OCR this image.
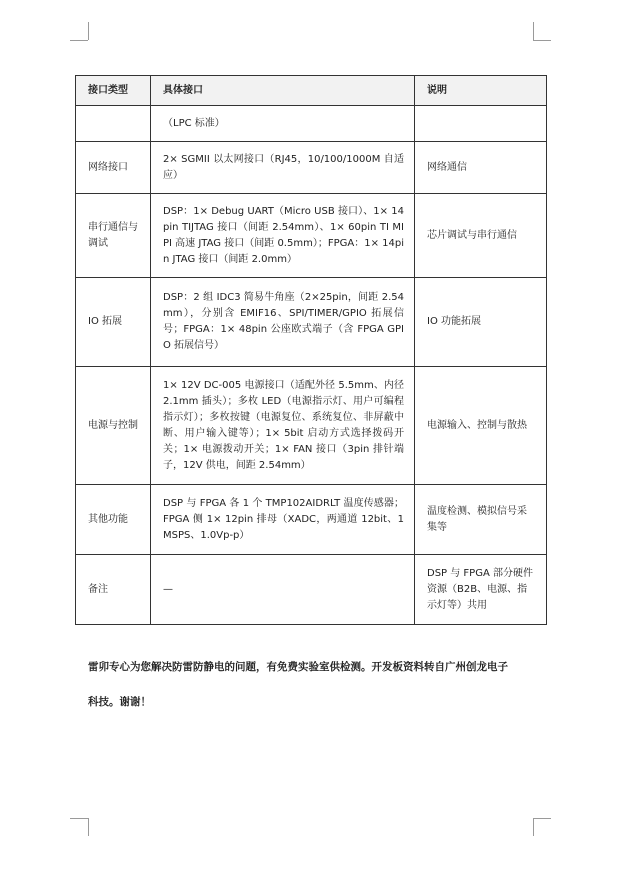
接口类型	具体接口	说明
	（LPC 标准）	
网络接口	2× SGMII 以太网接口（RJ45，10/100/1000M 自适应）	网络通信
串行通信与调试	DSP：1× Debug UART（Micro USB 接口）、1× 14pin TIJTAG 接口（间距 2.54mm）、1× 60pin TI MIPI 高速 JTAG 接口（间距 0.5mm）；FPGA：1× 14pin JTAG 接口（间距 2.0mm）	芯片调试与串行通信
IO 拓展	DSP：2 组 IDC3 简易牛角座（2×25pin，间距 2.54mm），分别含 EMIF16、SPI/TIMER/GPIO 拓展信号；FPGA：1× 48pin 公座欧式端子（含 FPGA GPIO 拓展信号）	IO 功能拓展
电源与控制	1× 12V DC-005 电源接口（适配外径 5.5mm、内径 2.1mm 插头）；多枚 LED（电源指示灯、用户可编程指示灯）；多枚按键（电源复位、系统复位、非屏蔽中断、用户输入键等）；1× 5bit 启动方式选择拨码开关；1× 电源拨动开关；1× FAN 接口（3pin 排针端子，12V 供电，间距 2.54mm）	电源输入、控制与散热
其他功能	DSP 与 FPGA 各 1 个 TMP102AIDRLT 温度传感器；FPGA 侧 1× 12pin 排母（XADC，两通道 12bit、1MSPS、1.0Vp-p）	温度检测、模拟信号采集等
备注	—	DSP 与 FPGA 部分硬件资源（B2B、电源、指示灯等）共用
雷卯专心为您解决防雷防静电的问题，有免费实验室供检测。开发板资料转自广州创龙电子
科技。谢谢！
